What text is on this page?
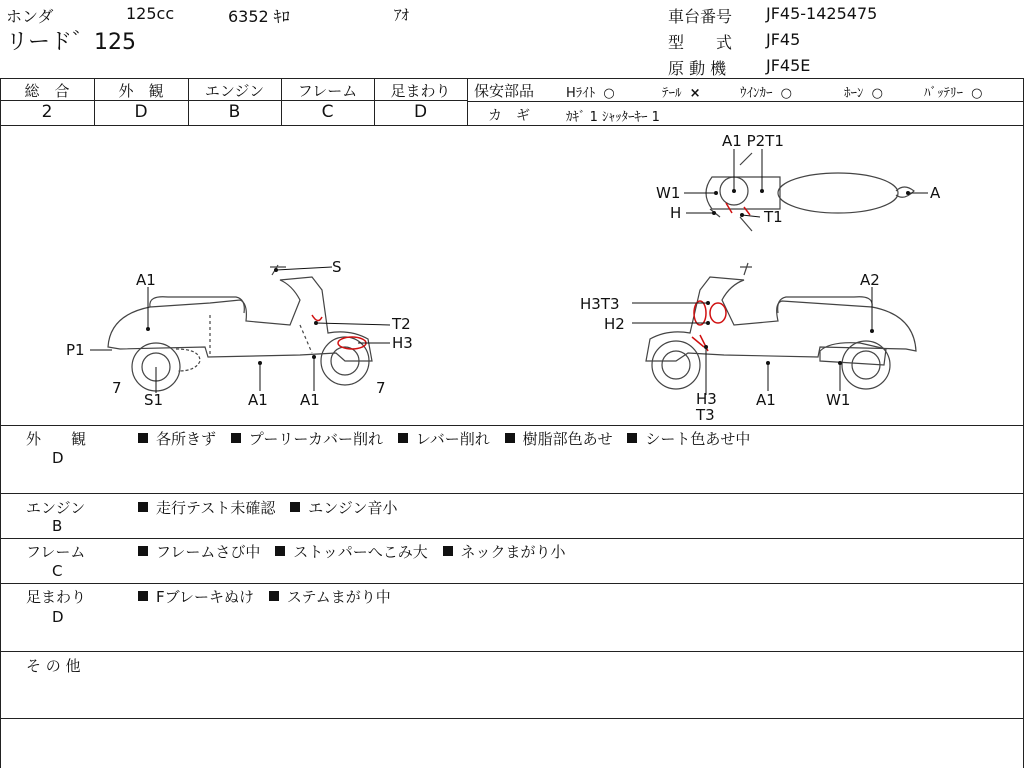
ホンダ	125cc	6352 ｷﾛ	ｱｵ
リード゛125
車台番号 JF45-1425475
型　　式 JF45
原 動 機 JF45E
総　合	外　観	エンジン	フレーム	足まわり
2	D	B	C	D
保安部品 Hﾗｲﾄ ○	ﾃｰﾙ ×	ｳｲﾝｶｰ ○	ﾎｰﾝ ○	ﾊﾞｯﾃﾘｰ ○
カ　ギ	ｶｷﾞ 1 ｼｬｯﾀｰｷｰ 1
A1 P2T1
W1	A
H	T1
S
A1
T2
H3
P1
7	7
S1	A1 A1
H3T3
A2
H2
H3
T3
A1	W1
外　　観
D
各所きず プーリーカバー削れ レバー削れ 樹脂部色あせ シート色あせ中
エンジン
B
走行テスト未確認 エンジン音小
フレーム
C
フレームさび中 ストッパーへこみ大 ネックまがり小
足まわり
D
Fブレーキぬけ ステムまがり中
そ の 他
